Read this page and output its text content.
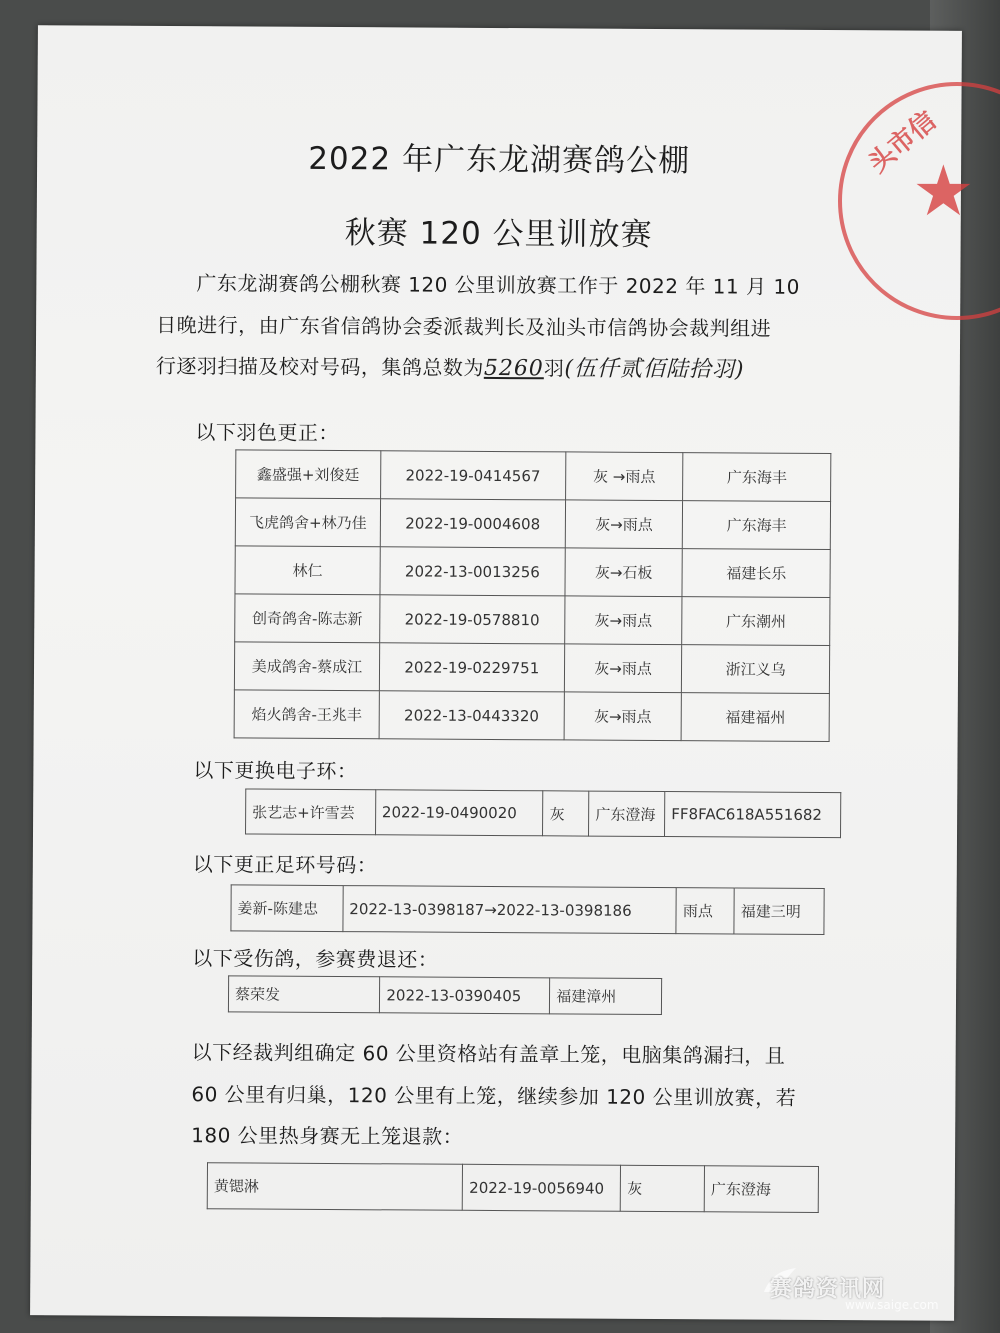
2022 年广东龙湖赛鸽公棚
秋赛 120 公里训放赛
广东龙湖赛鸽公棚秋赛 120 公里训放赛工作于 2022 年 11 月 10
日晚进行，由广东省信鸽协会委派裁判长及汕头市信鸽协会裁判组进
行逐羽扫描及校对号码，集鸽总数为5260羽(伍仟贰佰陆拾羽)
以下羽色更正：
鑫盛强+刘俊廷	2022-19-0414567	灰 →雨点	广东海丰
飞虎鸽舍+林乃佳	2022-19-0004608	灰→雨点	广东海丰
林仁	2022-13-0013256	灰→石板	福建长乐
创奇鸽舍-陈志新	2022-19-0578810	灰→雨点	广东潮州
美成鸽舍-蔡成江	2022-19-0229751	灰→雨点	浙江义乌
焰火鸽舍-王兆丰	2022-13-0443320	灰→雨点	福建福州
以下更换电子环：
张艺志+许雪芸	2022-19-0490020	灰	广东澄海	FF8FAC618A551682
以下更正足环号码：
姜新-陈建忠	2022-13-0398187→2022-13-0398186	雨点	福建三明
以下受伤鸽，参赛费退还：
蔡荣发	2022-13-0390405	福建漳州
以下经裁判组确定 60 公里资格站有盖章上笼，电脑集鸽漏扫，且
60 公里有归巢，120 公里有上笼，继续参加 120 公里训放赛，若
180 公里热身赛无上笼退款：
黄锶淋	2022-19-0056940	灰	广东澄海
★
头市信
赛鸽资讯网
www.saige.com
